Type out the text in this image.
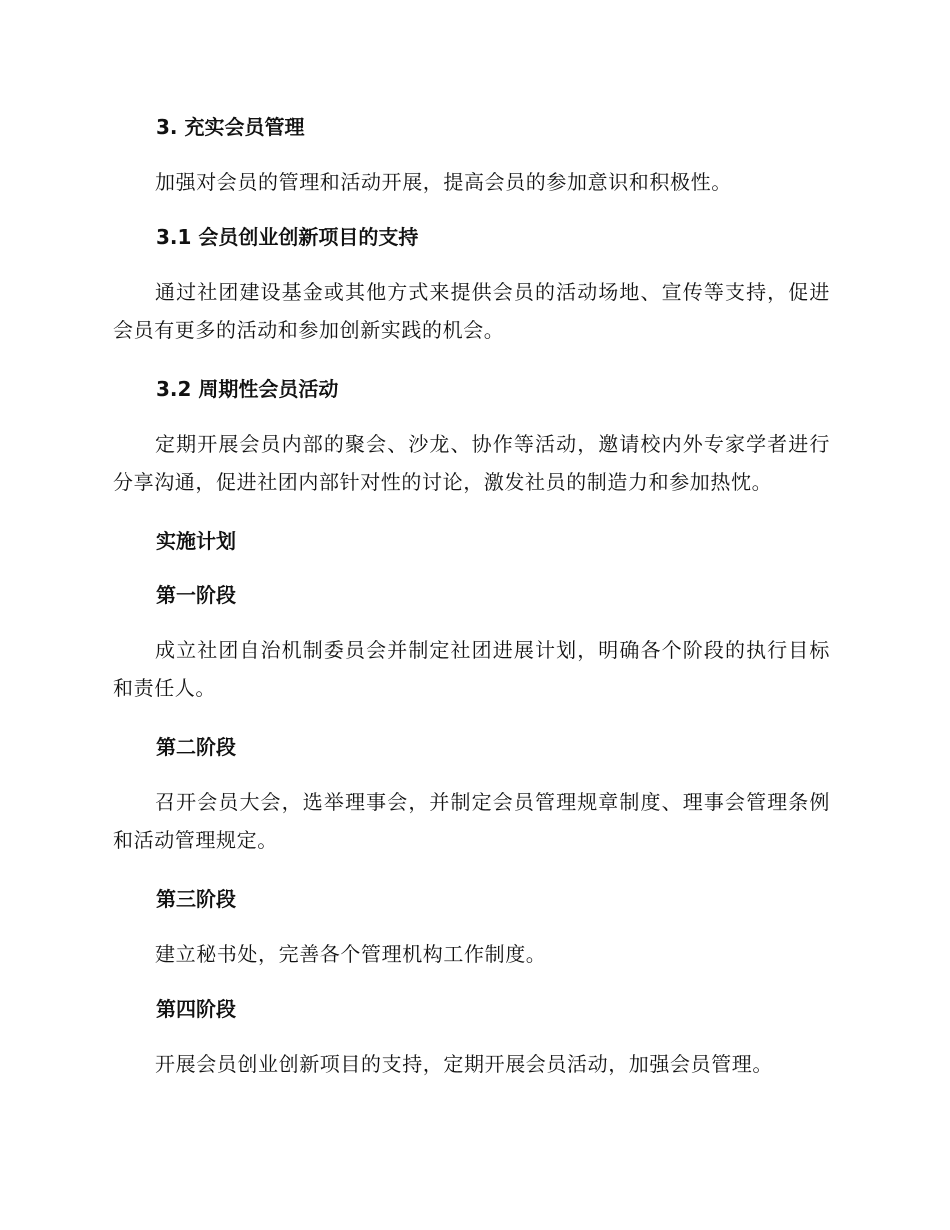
3. 充实会员管理

加强对会员的管理和活动开展，提高会员的参加意识和积极性。

3.1 会员创业创新项目的支持

通过社团建设基金或其他方式来提供会员的活动场地、宣传等支持，促进会员有更多的活动和参加创新实践的机会。

3.2 周期性会员活动

定期开展会员内部的聚会、沙龙、协作等活动，邀请校内外专家学者进行分享沟通，促进社团内部针对性的讨论，激发社员的制造力和参加热忱。

实施计划
第一阶段

成立社团自治机制委员会并制定社团进展计划，明确各个阶段的执行目标和责任人。

第二阶段

召开会员大会，选举理事会，并制定会员管理规章制度、理事会管理条例和活动管理规定。

第三阶段

建立秘书处，完善各个管理机构工作制度。

第四阶段

开展会员创业创新项目的支持，定期开展会员活动，加强会员管理。
